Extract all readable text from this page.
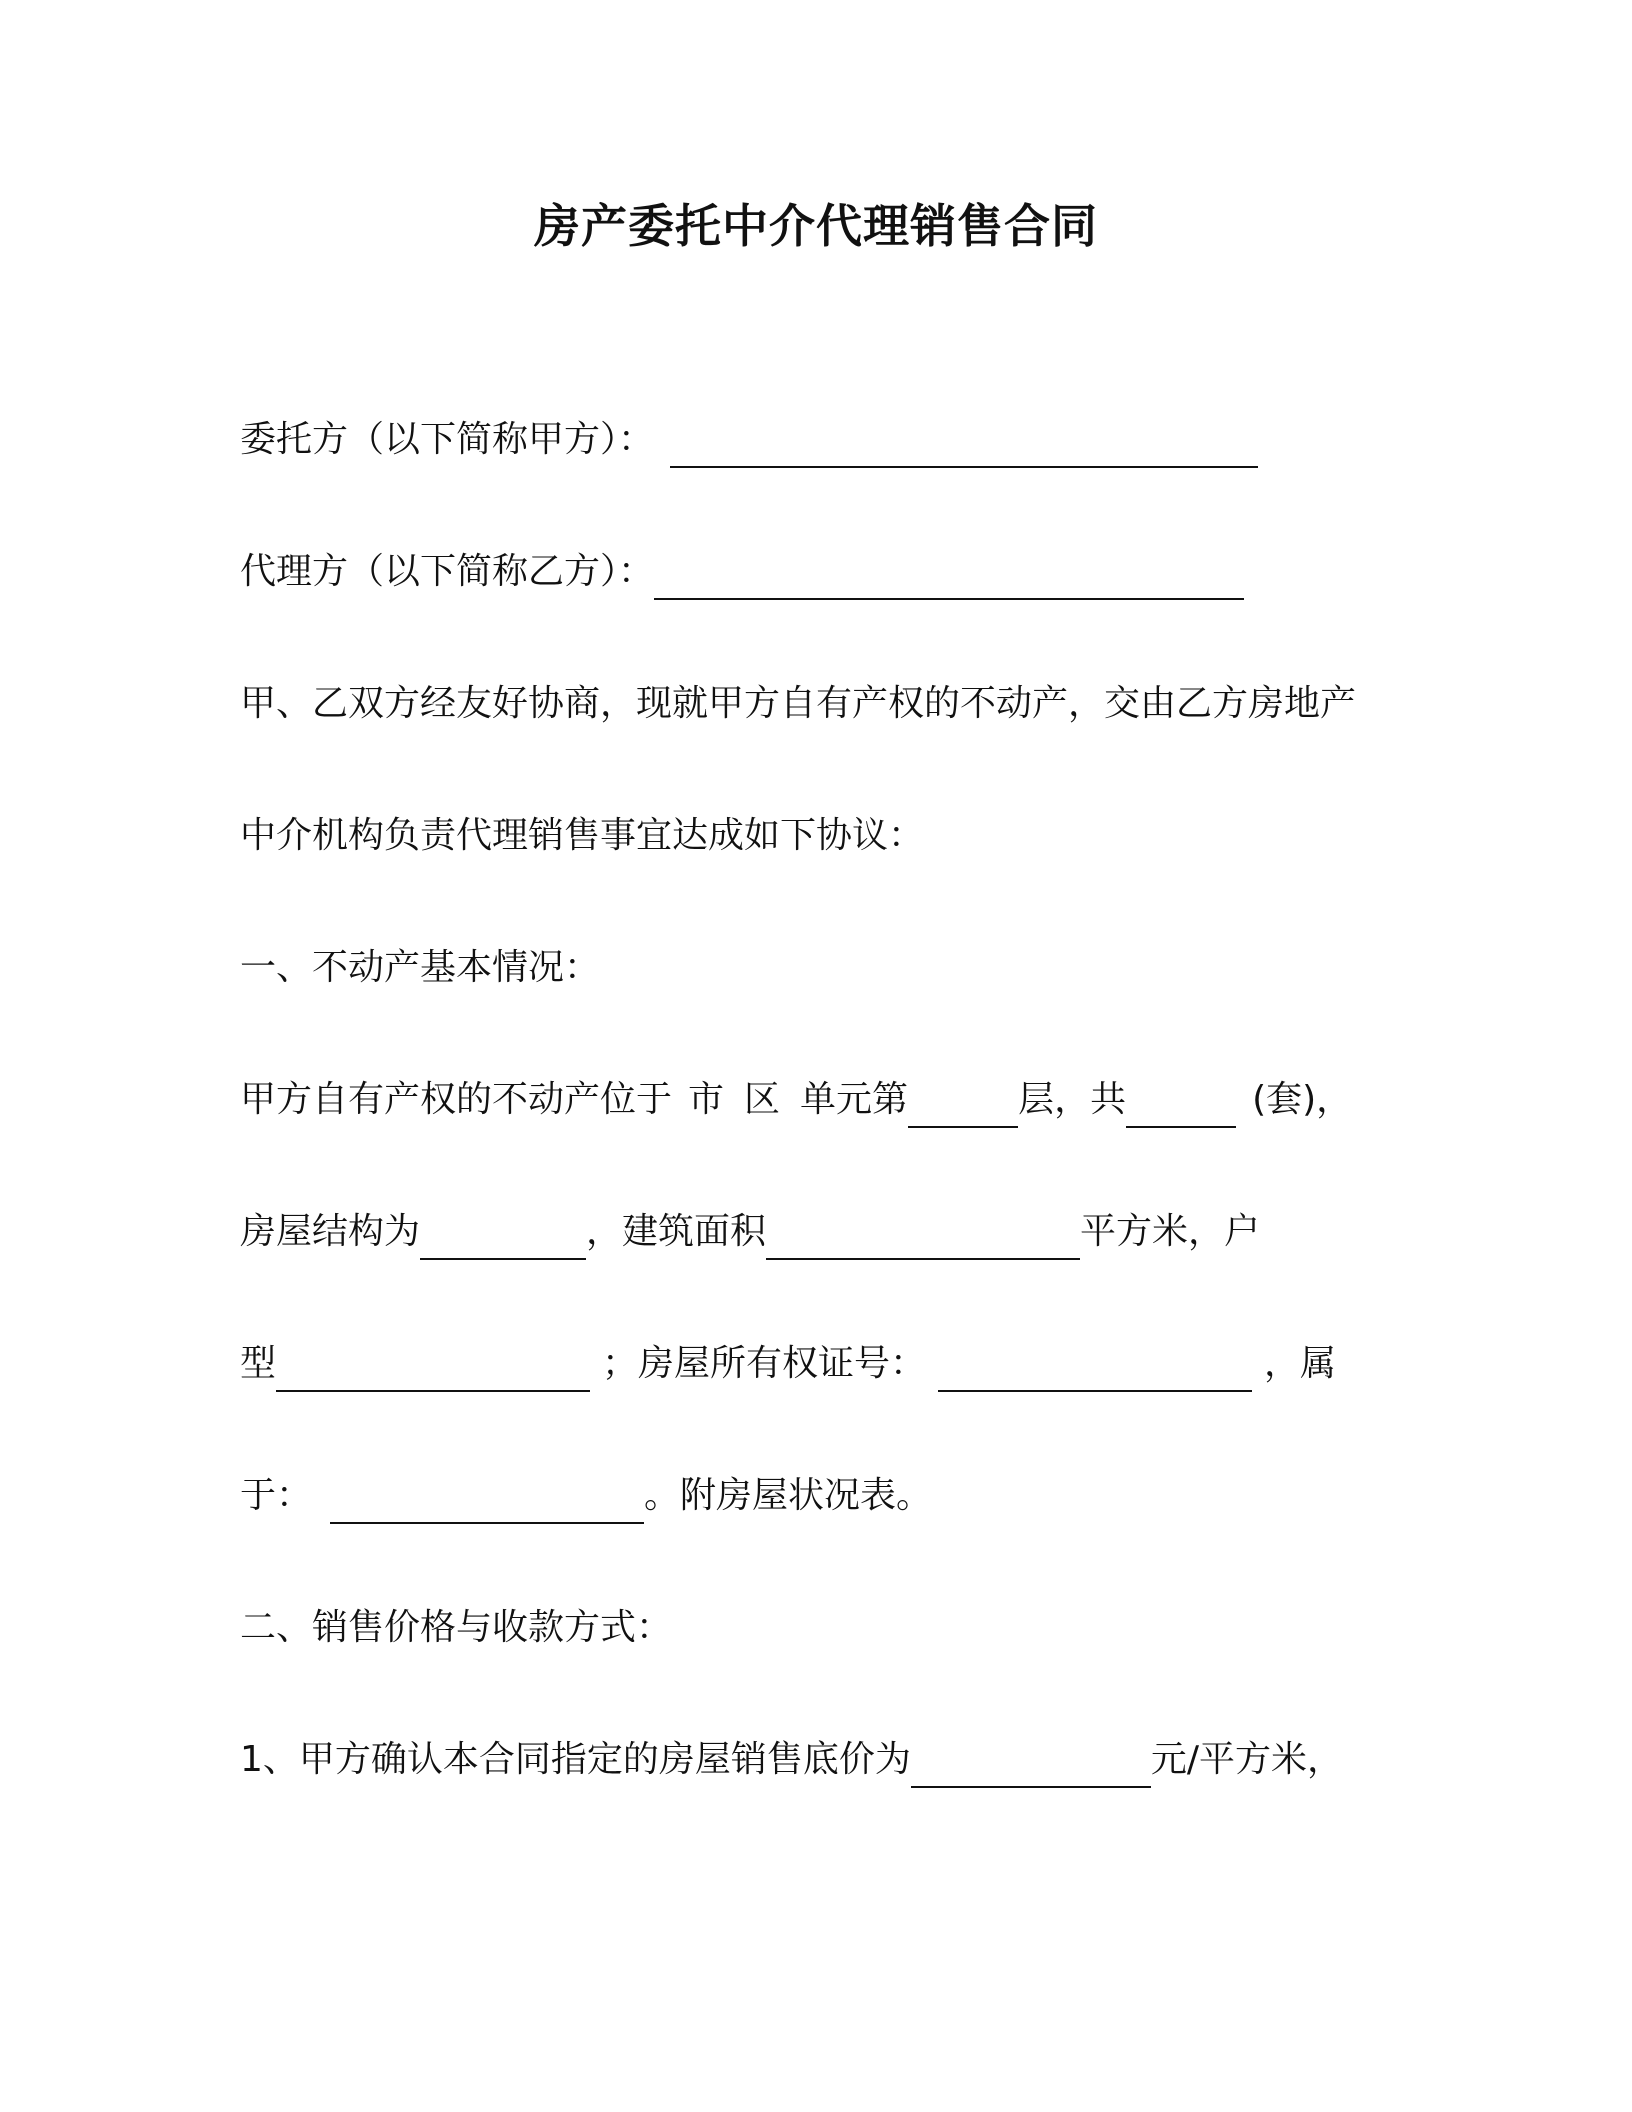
房产委托中介代理销售合同
委托方（以下简称甲方）：
代理方（以下简称乙方）：
甲、乙双方经友好协商，现就甲方自有产权的不动产，交由乙方房地产
中介机构负责代理销售事宜达成如下协议：
一、不动产基本情况：
甲方自有产权的不动产位于 市 区 单元第	层，共	(套)，
房屋结构为	，建筑面积	平方米，户
型	；房屋所有权证号：	，属
于：	。附房屋状况表。
二、销售价格与收款方式：
1、甲方确认本合同指定的房屋销售底价为	元/平方米，
